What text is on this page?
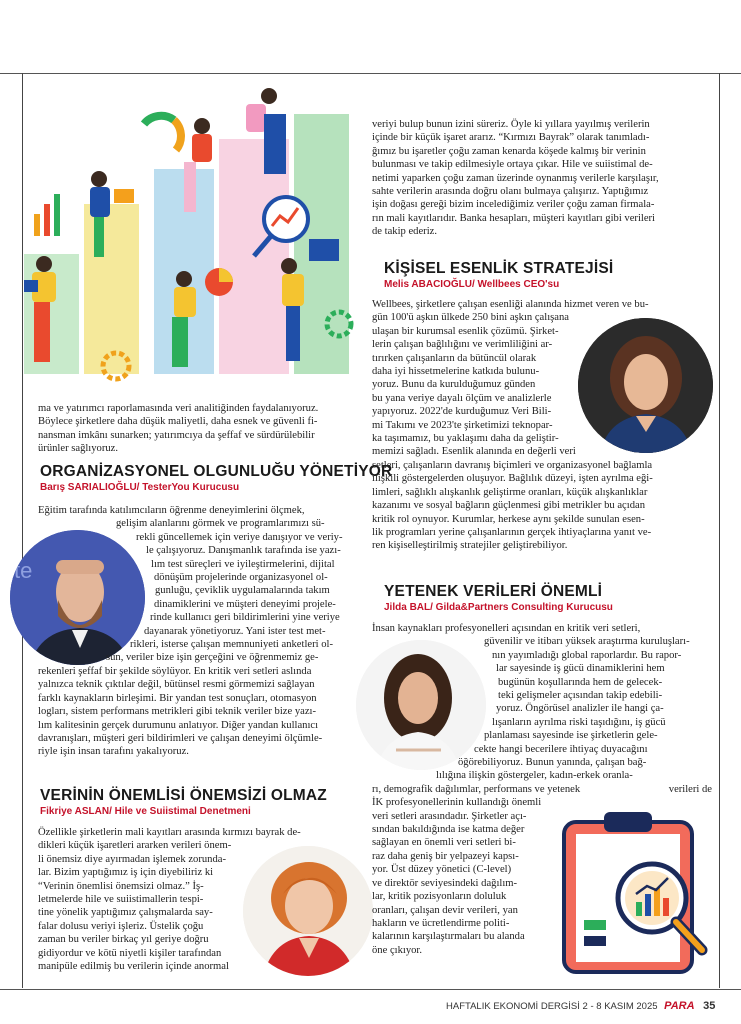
veriyi bulup bunun izini süreriz. Öyle ki yıllara yayılmış verilerin

içinde bir küçük işaret ararız. “Kırmızı Bayrak” olarak tanımladı-

ğımız bu işaretler çoğu zaman kenarda köşede kalmış bir verinin

bulunması ve takip edilmesiyle ortaya çıkar. Hile ve suiistimal de-

netimi yaparken çoğu zaman üzerinde oynanmış verilerle karşılaşır,

sahte verilerin arasında doğru olanı bulmaya çalışırız. Yaptığımız

işin doğası gereği bizim incelediğimiz veriler çoğu zaman firmala-

rın mali kayıtlarıdır. Banka hesapları, müşteri kayıtları gibi verileri

de takip ederiz.

ma ve yatırımcı raporlamasında veri analitiğinden faydalanıyoruz.

Böylece şirketlere daha düşük maliyetli, daha esnek ve güvenli fi-

nansman imkânı sunarken; yatırımcıya da şeffaf ve sürdürülebilir

ürünler sağlıyoruz.

ORGANİZASYONEL OLGUNLUĞU YÖNETİYOR
Barış SARIALIOĞLU/ TesterYou Kurucusu
te

Eğitim tarafında katılımcıların öğrenme deneyimlerini ölçmek,

gelişim alanlarını görmek ve programlarımızı sü-

rekli güncellemek için veriye danışıyor ve veriy-

le çalışıyoruz. Danışmanlık tarafında ise yazı-

lım test süreçleri ve iyileştirmelerini, dijital

dönüşüm projelerinde organizasyonel ol-

gunluğu, çeviklik uygulamalarında takım

dinamiklerini ve müşteri deneyimi projele-

rinde kullanıcı geri bildirimlerini yine veriye

dayanarak yönetiyoruz. Yani ister test met-

rikleri, isterse çalışan memnuniyeti anketleri ol-

sun, veriler bize işin gerçeğini ve öğrenmemiz ge-

rekenleri şeffaf bir şekilde söylüyor. En kritik veri setleri aslında

yalnızca teknik çıktılar değil, bütünsel resmi görmemizi sağlayan

farklı kaynakların birleşimi. Bir yandan test sonuçları, otomasyon

logları, sistem performans metrikleri gibi teknik veriler bize yazı-

lım kalitesinin gerçek durumunu anlatıyor. Diğer yandan kullanıcı

davranışları, müşteri geri bildirimleri ve çalışan deneyimi ölçümle-

riyle işin insan tarafını yakalıyoruz.

VERİNİN ÖNEMLİSİ ÖNEMSİZİ OLMAZ
Fikriye ASLAN/ Hile ve Suiistimal Denetmeni

Özellikle şirketlerin mali kayıtları arasında kırmızı bayrak de-

dikleri küçük işaretleri ararken verileri önem-

li önemsiz diye ayırmadan işlemek zorunda-

lar. Bizim yaptığımız iş için diyebiliriz ki

“Verinin önemlisi önemsizi olmaz.” İş-

letmelerde hile ve suiistimallerin tespi-

tine yönelik yaptığımız çalışmalarda say-

falar dolusu veriyi işleriz. Üstelik çoğu

zaman bu veriler birkaç yıl geriye doğru

gidiyordur ve kötü niyetli kişiler tarafından

manipüle edilmiş bu verilerin içinde anormal

KİŞİSEL ESENLİK STRATEJİSİ
Melis ABACIOĞLU/ Wellbees CEO'su

Wellbees, şirketlere çalışan esenliği alanında hizmet veren ve bu-

gün 100'ü aşkın ülkede 250 bini aşkın çalışana

ulaşan bir kurumsal esenlik çözümü. Şirket-

lerin çalışan bağlılığını ve verimliliğini ar-

tırırken çalışanların da bütüncül olarak

daha iyi hissetmelerine katkıda bulunu-

yoruz. Bunu da kurulduğumuz günden

bu yana veriye dayalı ölçüm ve analizlerle

yapıyoruz. 2022'de kurduğumuz Veri Bili-

mi Takımı ve 2023'te şirketimizi teknopar-

ka taşımamız, bu yaklaşımı daha da geliştir-

memizi sağladı. Esenlik alanında en değerli veri

setleri, çalışanların davranış biçimleri ve organizasyonel bağlamla

ilişkili göstergelerden oluşuyor. Bağlılık düzeyi, işten ayrılma eği-

limleri, sağlıklı alışkanlık geliştirme oranları, küçük alışkanlıklar

kazanımı ve sosyal bağların güçlenmesi gibi metrikler bu açıdan

kritik rol oynuyor. Kurumlar, herkese aynı şekilde sunulan esen-

lik programları yerine çalışanlarının gerçek ihtiyaçlarına yanıt ve-

ren kişiselleştirilmiş stratejiler geliştirebiliyor.

YETENEK VERİLERİ ÖNEMLİ
Jilda BAL/ Gilda&Partners Consulting Kurucusu

İnsan kaynakları profesyonelleri açısından en kritik veri setleri,

güvenilir ve itibarı yüksek araştırma kuruluşları-

nın yayımladığı global raporlardır. Bu rapor-

lar sayesinde iş gücü dinamiklerini hem

bugünün koşullarında hem de gelecek-

teki gelişmeler açısından takip edebili-

yoruz. Öngörüsel analizler ile hangi ça-

lışanların ayrılma riski taşıdığını, iş gücü

planlaması sayesinde ise şirketlerin gele-

cekte hangi becerilere ihtiyaç duyacağını

öğörebiliyoruz. Bunun yanında, çalışan bağ-

lılığına ilişkin göstergeler, kadın-erkek oranla-

rı, demografik dağılımlar, performans ve yetenek	verileri de

İK profesyonellerinin kullandığı önemli

veri setleri arasındadır. Şirketler açı-

sından bakıldığında ise katma değer

sağlayan en önemli veri setleri bi-

raz daha geniş bir yelpazeyi kapsı-

yor. Üst düzey yönetici (C-level)

ve direktör seviyesindeki dağılım-

lar, kritik pozisyonların doluluk

oranları, çalışan devir verileri, yan

hakların ve ücretlendirme politi-

kalarının karşılaştırmaları bu alanda

öne çıkıyor.

HAFTALIK EKONOMİ DERGİSİ 2 - 8 KASIM 2025 PARA 35
